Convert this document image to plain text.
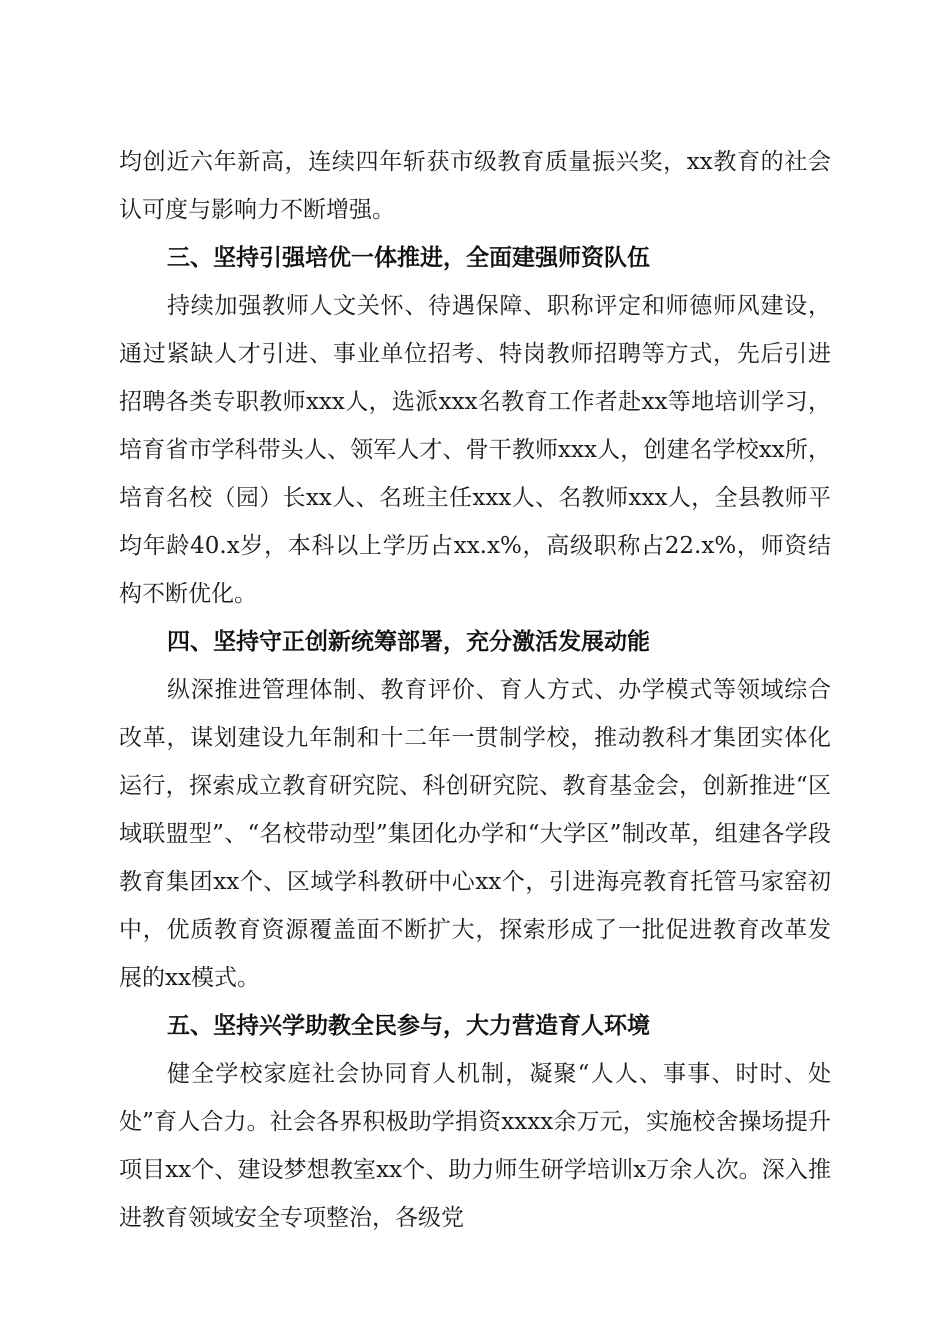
均创近六年新高，连续四年斩获市级教育质量振兴奖，xx教育的社会认可度与影响力不断增强。

三、坚持引强培优一体推进，全面建强师资队伍

持续加强教师人文关怀、待遇保障、职称评定和师德师风建设，通过紧缺人才引进、事业单位招考、特岗教师招聘等方式，先后引进招聘各类专职教师xxx人，选派xxx名教育工作者赴xx等地培训学习，培育省市学科带头人、领军人才、骨干教师xxx人，创建名学校xx所，培育名校（园）长xx人、名班主任xxx人、名教师xxx人，全县教师平均年龄40.x岁，本科以上学历占xx.x%，高级职称占22.x%，师资结构不断优化。

四、坚持守正创新统筹部署，充分激活发展动能

纵深推进管理体制、教育评价、育人方式、办学模式等领域综合改革，谋划建设九年制和十二年一贯制学校，推动教科才集团实体化运行，探索成立教育研究院、科创研究院、教育基金会，创新推进“区域联盟型”、“名校带动型”集团化办学和“大学区”制改革，组建各学段教育集团xx个、区域学科教研中心xx个，引进海亮教育托管马家窑初中，优质教育资源覆盖面不断扩大，探索形成了一批促进教育改革发展的xx模式。

五、坚持兴学助教全民参与，大力营造育人环境

健全学校家庭社会协同育人机制，凝聚“人人、事事、时时、处处”育人合力。社会各界积极助学捐资xxxx余万元，实施校舍操场提升项目xx个、建设梦想教室xx个、助力师生研学培训x万余人次。深入推进教育领域安全专项整治，各级党
